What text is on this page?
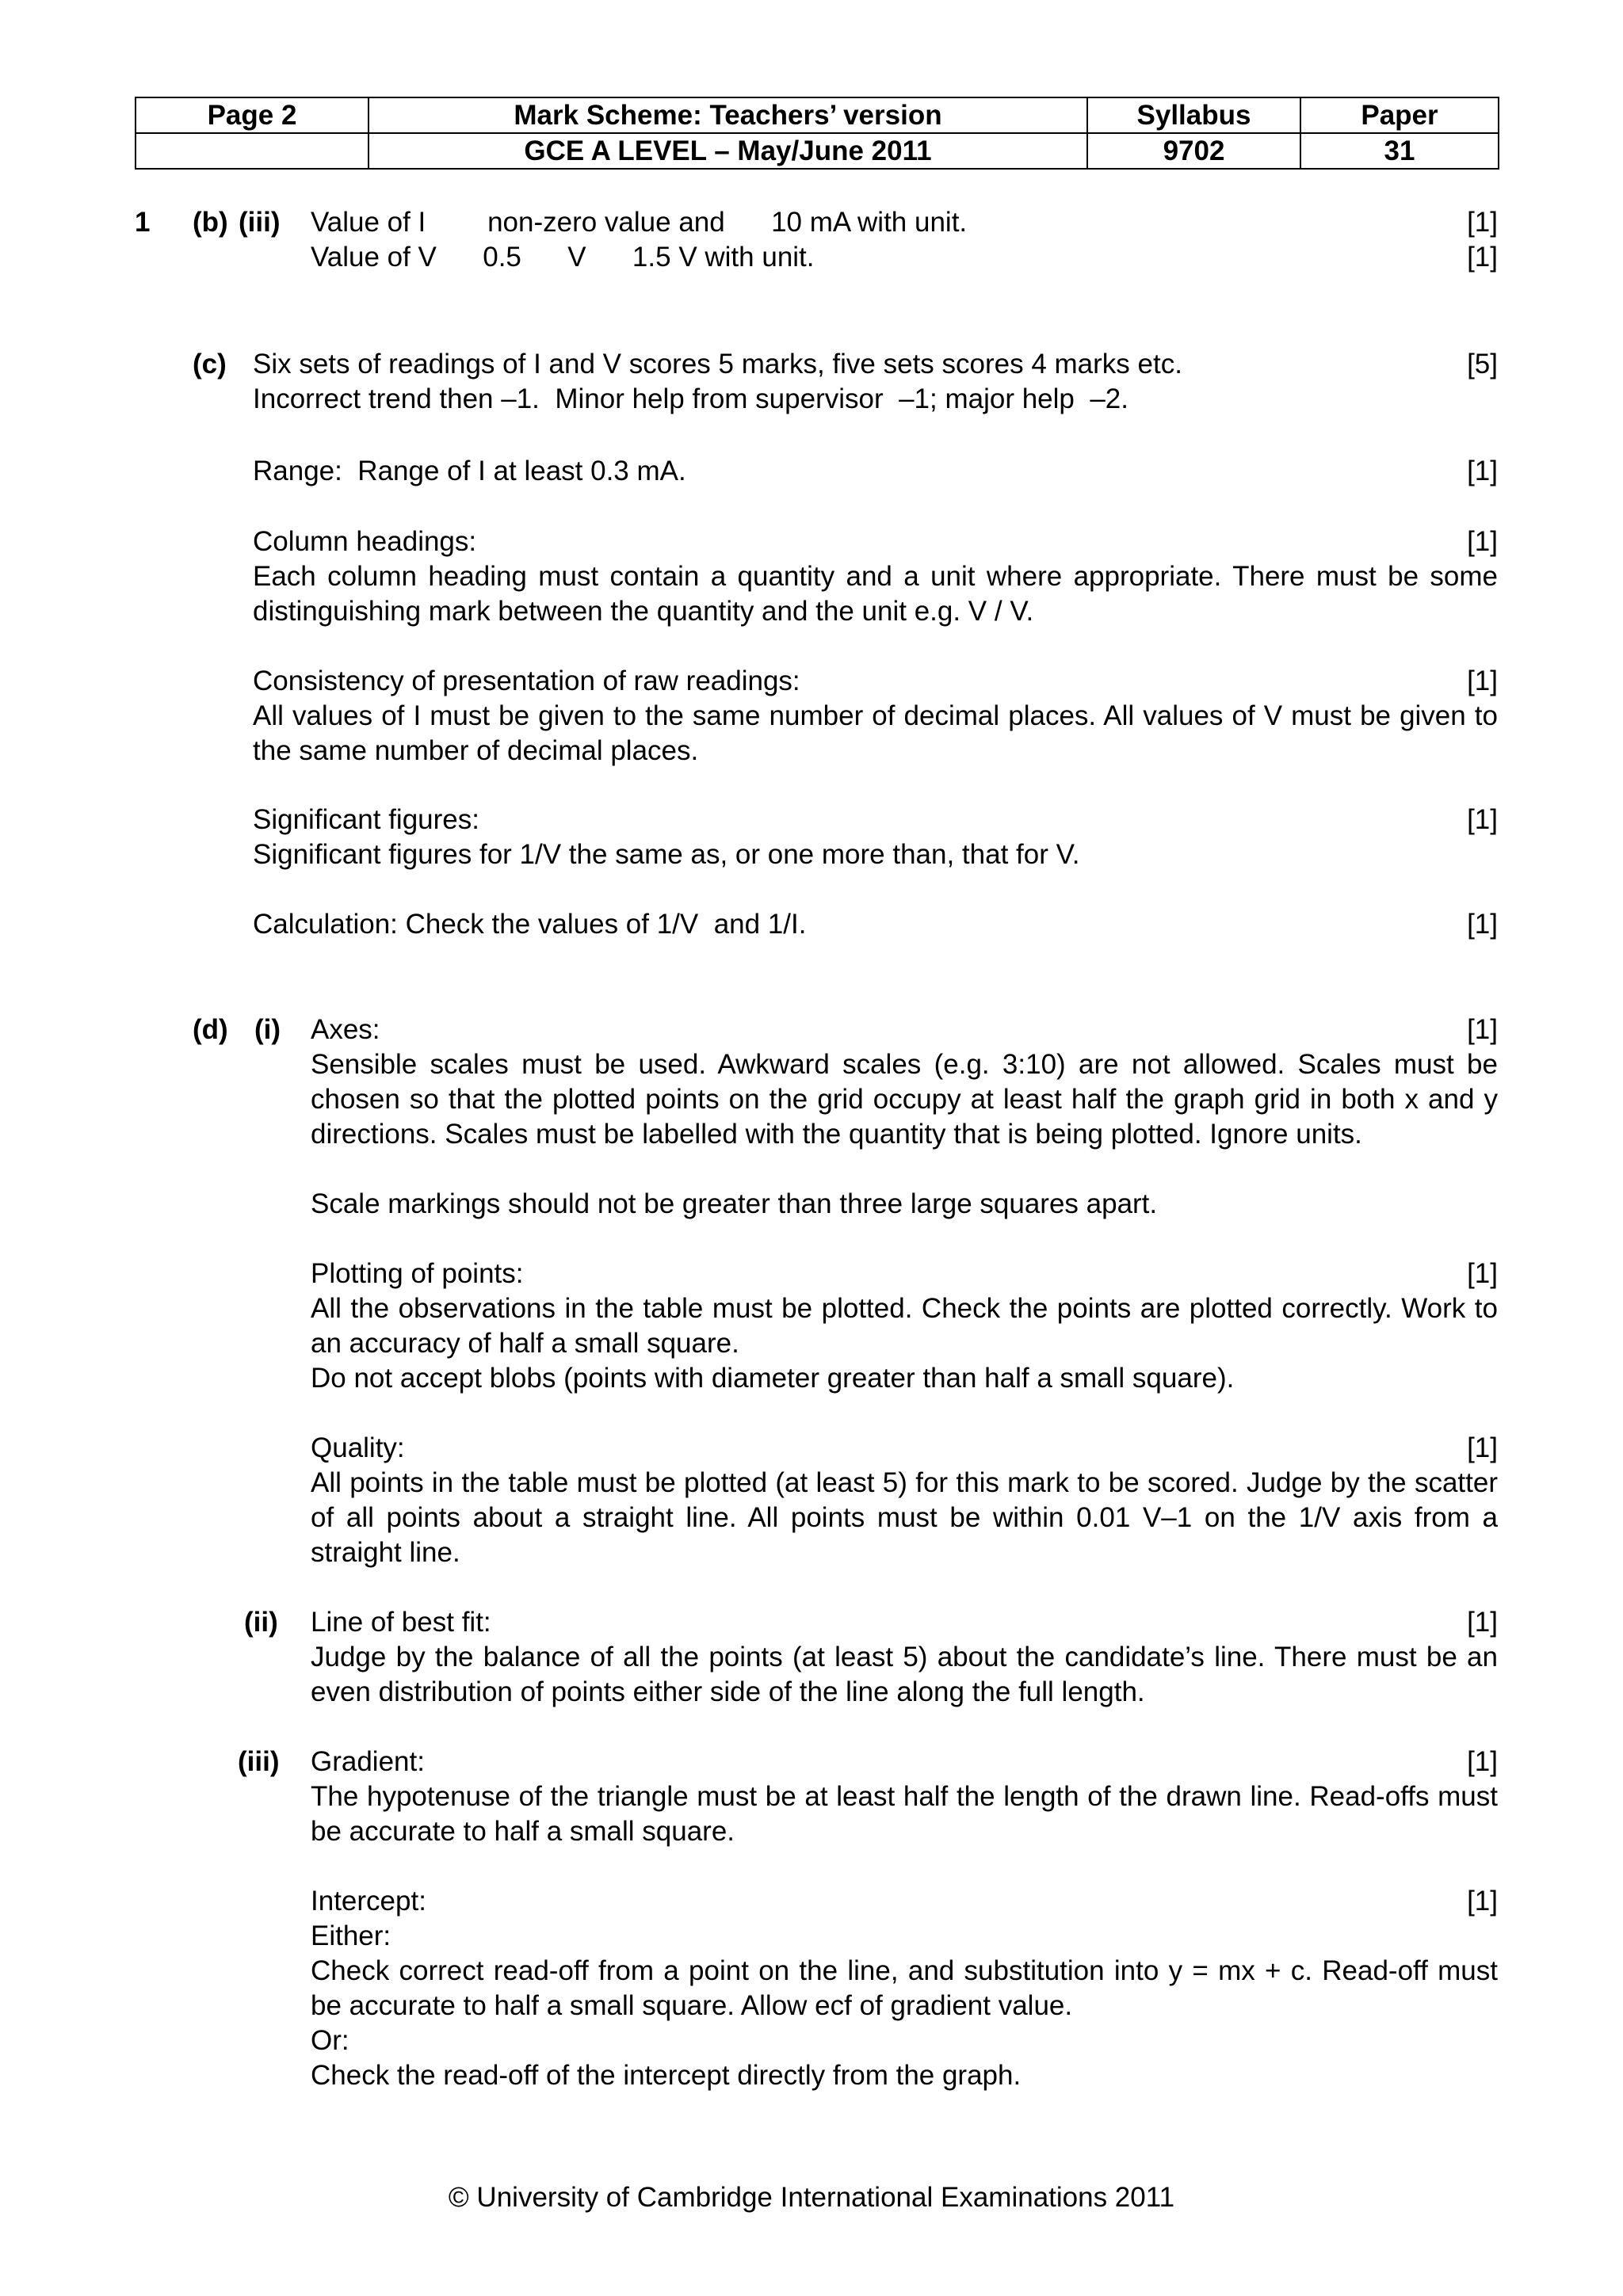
Page 2	Mark Scheme: Teachers’ version	Syllabus	Paper
	GCE A LEVEL – May/June 2011	9702	31
1 (b) (iii) Value of I        non-zero value and      10 mA with unit.	[1]
Value of V      0.5      V      1.5 V with unit.	[1]
(c) Six sets of readings of I and V scores 5 marks, five sets scores 4 marks etc.	[5]
Incorrect trend then –1.  Minor help from supervisor  –1; major help  –2.
Range:  Range of I at least 0.3 mA.	[1]
Column headings:	[1]
Each column heading must contain a quantity and a unit where appropriate. There must be some distinguishing mark between the quantity and the unit e.g. V / V.
Consistency of presentation of raw readings:	[1]
All values of I must be given to the same number of decimal places. All values of V must be given to the same number of decimal places.
Significant figures:	[1]
Significant figures for 1/V the same as, or one more than, that for V.
Calculation: Check the values of 1/V  and 1/I.	[1]
(d) (i) Axes:	[1]
Sensible scales must be used. Awkward scales (e.g. 3:10) are not allowed. Scales must be chosen so that the plotted points on the grid occupy at least half the graph grid in both x and y directions. Scales must be labelled with the quantity that is being plotted. Ignore units.
Scale markings should not be greater than three large squares apart.
Plotting of points:	[1]
All the observations in the table must be plotted. Check the points are plotted correctly. Work to an accuracy of half a small square.
Do not accept blobs (points with diameter greater than half a small square).
Quality:	[1]
All points in the table must be plotted (at least 5) for this mark to be scored. Judge by the scatter of all points about a straight line. All points must be within 0.01 V–1 on the 1/V axis from a straight line.
(ii) Line of best fit:	[1]
Judge by the balance of all the points (at least 5) about the candidate’s line. There must be an even distribution of points either side of the line along the full length.
(iii) Gradient:	[1]
The hypotenuse of the triangle must be at least half the length of the drawn line. Read-offs must be accurate to half a small square.
Intercept:	[1]
Either:
Check correct read-off from a point on the line, and substitution into y = mx + c. Read-off must be accurate to half a small square. Allow ecf of gradient value.
Or:
Check the read-off of the intercept directly from the graph.
© University of Cambridge International Examinations 2011
